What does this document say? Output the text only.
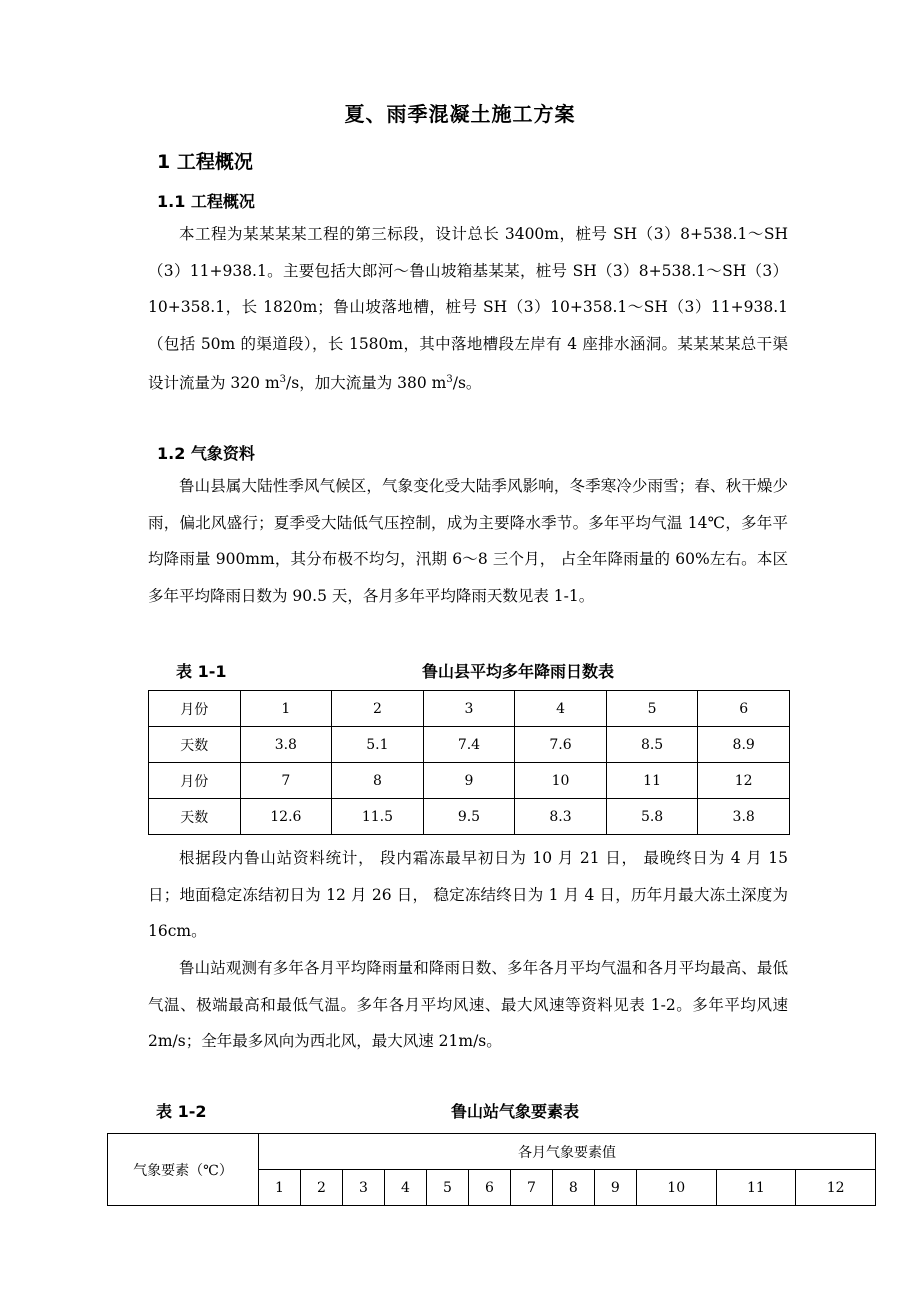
夏、雨季混凝土施工方案
1 工程概况
1.1 工程概况

本工程为某某某某工程的第三标段，设计总长 3400m，桩号 SH（3）8+538.1～SH（3）11+938.1。主要包括大郎河～鲁山坡箱基某某，桩号 SH（3）8+538.1～SH（3）10+358.1，长 1820m；鲁山坡落地槽，桩号 SH（3）10+358.1～SH（3）11+938.1（包括 50m 的渠道段），长 1580m，其中落地槽段左岸有 4 座排水涵洞。某某某某总干渠设计流量为 320 $m^3/s$，加大流量为 380 $m^3/s$。

1.2 气象资料

鲁山县属大陆性季风气候区，气象变化受大陆季风影响，冬季寒冷少雨雪；春、秋干燥少雨，偏北风盛行；夏季受大陆低气压控制，成为主要降水季节。多年平均气温 14℃，多年平均降雨量 900mm，其分布极不均匀，汛期 6～8 三个月， 占全年降雨量的 60%左右。本区多年平均降雨日数为 90.5 天，各月多年平均降雨天数见表 1-1。

表 1-1	鲁山县平均多年降雨日数表
月份	1	2	3	4	5	6
天数	3.8	5.1	7.4	7.6	8.5	8.9
月份	7	8	9	10	11	12
天数	12.6	11.5	9.5	8.3	5.8	3.8

根据段内鲁山站资料统计， 段内霜冻最早初日为 10 月 21 日， 最晚终日为 4 月 15 日；地面稳定冻结初日为 12 月 26 日， 稳定冻结终日为 1 月 4 日，历年月最大冻土深度为 16cm。

鲁山站观测有多年各月平均降雨量和降雨日数、多年各月平均气温和各月平均最高、最低气温、极端最高和最低气温。多年各月平均风速、最大风速等资料见表 1-2。多年平均风速 2m/s；全年最多风向为西北风，最大风速 21m/s。

表 1-2	鲁山站气象要素表
气象要素（℃）	各月气象要素值											
	1	2	3	4	5	6	7	8	9	10	11	12
